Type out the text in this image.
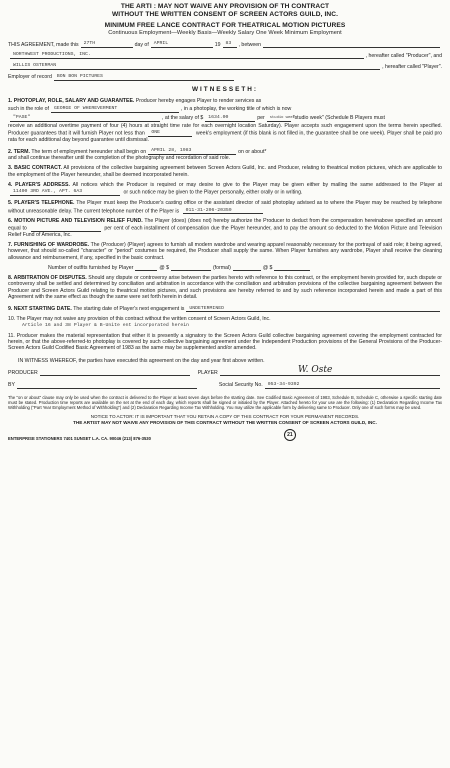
THE ARTI : MAY NOT WAIVE ANY PROVISION OF TH CONTRACT
WITHOUT THE WRITTEN CONSENT OF SCREEN ACTORS GUILD, INC.
MINIMUM FREE LANCE CONTRACT FOR THEATRICAL MOTION PICTURES
Continuous Employment—Weekly Basis—Weekly Salary One Week Minimum Employment
THIS AGREEMENT, made this	27TH	day of	APRIL	19	83	, between
NORTHWEST PRODUCTIONS, INC.	, hereafter called "Producer", and
WILLIS OSTERMAN	, hereafter called "Player".
Employer of record	BON BON PICTURES
WITNESSETH:
1. PHOTOPLAY, ROLE, SALARY AND GUARANTEE.
Producer hereby engages Player to render services as
such in the role of	GEORGE OF WHEREVERMENT	, in a photoplay, the working title of which is now
"PASE"	, at the salary of $	1634.00	per	studio week
"studio week" (Schedule B Players must
receive an additional overtime payment of four (4) hours at straight time rate for each overnight location Saturday). Player accepts such engagement upon the terms herein specified. Producer guarantees that it will furnish Player not less than ONE	week's employment (if this blank is not filled in, the guarantee shall be one week). Player shall be paid pro rata for each additional day beyond guarantee until dismissal.
2. TERM.
The term of employment hereunder shall begin on	APRIL 28, 1983	on or about*
and shall continue thereafter until the completion of the photography and recordation of said role.
3. BASIC CONTRACT. All provisions of the collective bargaining agreement between Screen Actors Guild, Inc. and Producer, relating to theatrical motion pictures, which are applicable to the employment of the Player hereunder, shall be deemed incorporated herein.
4. PLAYER'S ADDRESS. All notices which the Producer is required or may desire to give to the Player may be given either by mailing the same addressed to the Player at 11400 3RD AVE., APT. 6A3	or such notice may be given to the Player personally, either orally or in writing.
5. PLAYER'S TELEPHONE. The Player must keep the Producer's casting office or the assistant director of said photoplay advised as to where the Player may be reached by telephone without unreasonable delay. The current telephone number of the Player is 011-31-206-20359
6. MOTION PICTURE AND TELEVISION RELIEF FUND. The Player (does) (does not) hereby authorize the Producer to deduct from the compensation hereinabove specified an amount equal to	per cent of each installment of compensation due the Player hereunder, and to pay the amount so deducted to the Motion Picture and Television Relief Fund of America, Inc.
7. FURNISHING OF WARDROBE. The (Producer) (Player) agrees to furnish all modern wardrobe and wearing apparel reasonably necessary for the portrayal of said role; it being agreed, however, that should so-called "character" or "period" costumes be required, the Producer shall supply the same. When Player furnishes any wardrobe, Player shall receive the cleaning allowance and reimbursement, if any, specified in the basic contract.
Number of outfits furnished by Player	@ $	(formal)	@ $
8. ARBITRATION OF DISPUTES. Should any dispute or controversy arise between the parties hereto with reference to this contract, or the employment herein provided for, such dispute or controversy shall be settled and determined by conciliation and arbitration in accordance with the conciliation and arbitration provisions of the collective bargaining agreement between the Producer and Screen Actors Guild relating to theatrical motion pictures, and such provisions are hereby referred to and by such reference incorporated herein and made a part of this Agreement with the same effect as though the same were set forth herein in detail.
9. NEXT STARTING DATE.
The starting date of Player's next engagement is	UNDETERMINED
10. The Player may not waive any provision of this contract without the written consent of Screen Actors Guild, Inc.
Article 16 and 38 Player & B-Unite ent incorporated herein
11. Producer makes the material representation that either it is presently a signatory to the Screen Actors Guild collective bargaining agreement covering the employment contracted for herein, or that the above-referred-to photoplay is covered by such collective bargaining agreement under the Independent Production provisions of the General Provisions of the Producer-Screen Actors Guild Codified Basic Agreement of 1983 as the same may be supplemented and/or amended.
IN WITNESS WHEREOF, the parties have executed this agreement on the day and year first above written.
PRODUCER	PLAYER	W. Oste
BY	Social Security No.	053-34-9392
The "on or about" clause may only be used when the contract is delivered to the Player at least seven days before the starting date. See Codified Basic Agreement of 1983, Schedule B, Schedule C, otherwise a specific starting date must be stated. Production time reports are available on the set at the end of each day, which reports shall be signed or initialed by the Player. Attached hereto for your use are the following: (1) Declaration Regarding Income Tax Withholding ("Part Year Employment Method of Withholding") and (2) Declaration Regarding Income Tax Withholding. You may utilize the applicable form by delivering same to Producer. Only one of such forms may be used.
NOTICE TO ACTOR: IT IS IMPORTANT THAT YOU RETAIN A COPY OF THIS CONTRACT FOR YOUR PERMANENT RECORDS.
THE ARTIST MAY NOT WAIVE ANY PROVISION OF THIS CONTRACT WITHOUT THE WRITTEN CONSENT OF SCREEN ACTORS GUILD, INC.
ENTERPRISE STATIONERS 7401 SUNSET L.A. CA. 90046 (213) 876-3530
21
